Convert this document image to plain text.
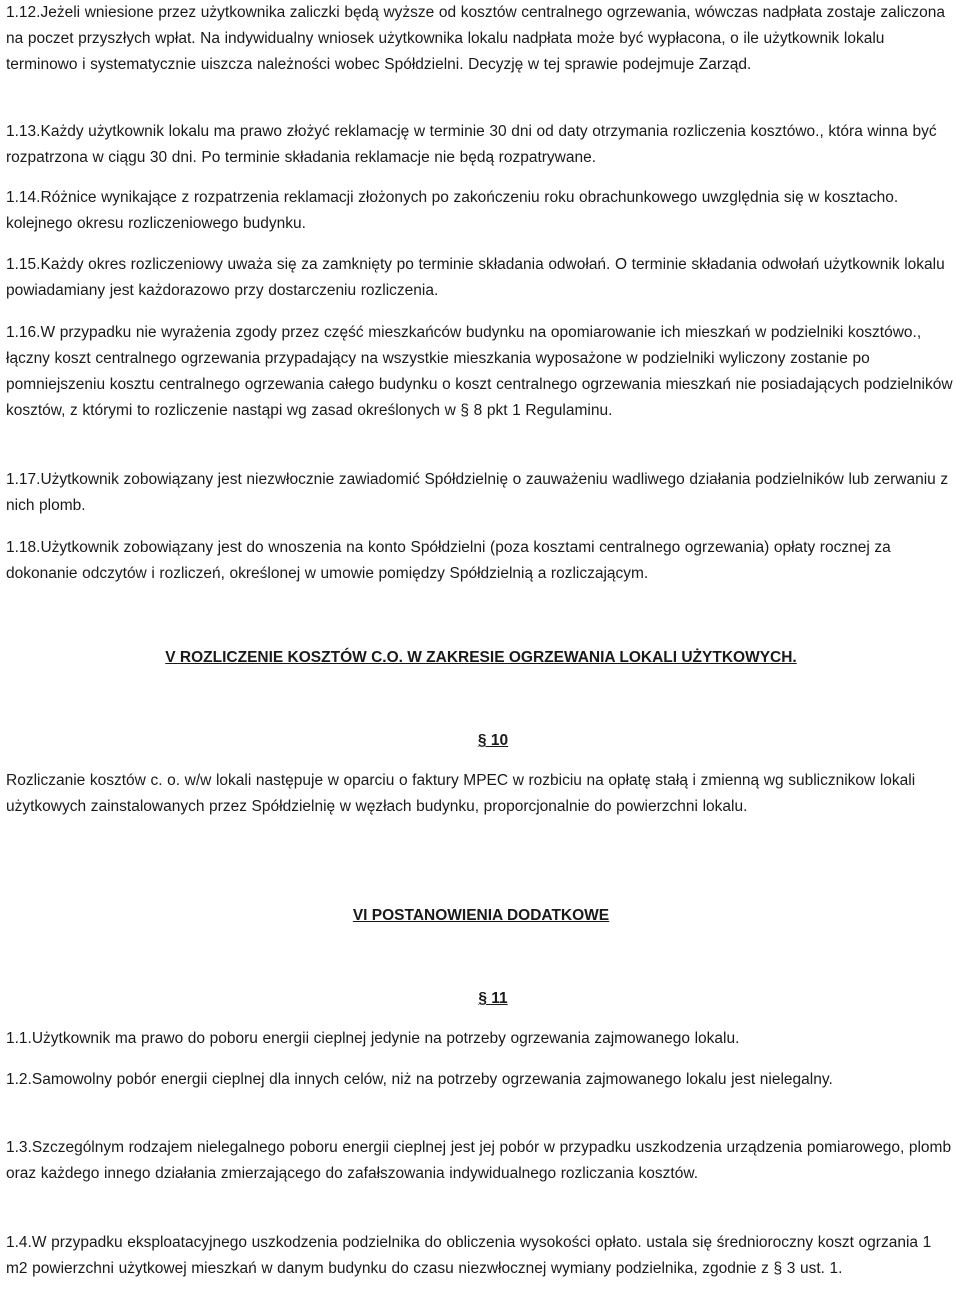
1.12.Jeżeli wniesione przez użytkownika zaliczki będą wyższe od kosztów centralnego ogrzewania, wówczas nadpłata zostaje zaliczona na poczet przyszłych wpłat. Na indywidualny wniosek użytkownika lokalu nadpłata może być wypłacona, o ile użytkownik lokalu terminowo i systematycznie uiszcza należności wobec Spółdzielni. Decyzję w tej sprawie podejmuje Zarząd.

1.13.Każdy użytkownik lokalu ma prawo złożyć reklamację w terminie 30 dni od daty otrzymania rozliczenia kosztówo., która winna być rozpatrzona w ciągu 30 dni. Po terminie składania reklamacje nie będą rozpatrywane.

1.14.Różnice wynikające z rozpatrzenia reklamacji złożonych po zakończeniu roku obrachunkowego uwzględnia się w kosztacho. kolejnego okresu rozliczeniowego budynku.

1.15.Każdy okres rozliczeniowy uważa się za zamknięty po terminie składania odwołań. O terminie składania odwołań użytkownik lokalu powiadamiany jest każdorazowo przy dostarczeniu rozliczenia.

1.16.W przypadku nie wyrażenia zgody przez część mieszkańców budynku na opomiarowanie ich mieszkań w podzielniki kosztówo., łączny koszt centralnego ogrzewania przypadający na wszystkie mieszkania wyposażone w podzielniki wyliczony zostanie po pomniejszeniu kosztu centralnego ogrzewania całego budynku o koszt centralnego ogrzewania mieszkań nie posiadających podzielników kosztów, z którymi to rozliczenie nastąpi wg zasad określonych w § 8 pkt 1 Regulaminu.

1.17.Użytkownik zobowiązany jest niezwłocznie zawiadomić Spółdzielnię o zauważeniu wadliwego działania podzielników lub zerwaniu z nich plomb.

1.18.Użytkownik zobowiązany jest do wnoszenia na konto Spółdzielni (poza kosztami centralnego ogrzewania) opłaty rocznej za dokonanie odczytów i rozliczeń, określonej w umowie pomiędzy Spółdzielnią a rozliczającym.

V ROZLICZENIE KOSZTÓW C.O. W ZAKRESIE OGRZEWANIA LOKALI UŻYTKOWYCH.

§ 10

Rozliczanie kosztów c. o. w/w lokali następuje w oparciu o faktury MPEC w rozbiciu na opłatę stałą i zmienną wg sublicznikow lokali użytkowych zainstalowanych przez Spółdzielnię w węzłach budynku, proporcjonalnie do powierzchni lokalu.

VI POSTANOWIENIA DODATKOWE

§ 11

1.1.Użytkownik ma prawo do poboru energii cieplnej jedynie na potrzeby ogrzewania zajmowanego lokalu.

1.2.Samowolny pobór energii cieplnej dla innych celów, niż na potrzeby ogrzewania zajmowanego lokalu jest nielegalny.

1.3.Szczególnym rodzajem nielegalnego poboru energii cieplnej jest jej pobór w przypadku uszkodzenia urządzenia pomiarowego, plomb oraz każdego innego działania zmierzającego do zafałszowania indywidualnego rozliczania kosztów.

1.4.W przypadku eksploatacyjnego uszkodzenia podzielnika do obliczenia wysokości opłato. ustala się średnioroczny koszt ogrzania 1 m2 powierzchni użytkowej mieszkań w danym budynku do czasu niezwłocznej wymiany podzielnika, zgodnie z § 3 ust. 1.
